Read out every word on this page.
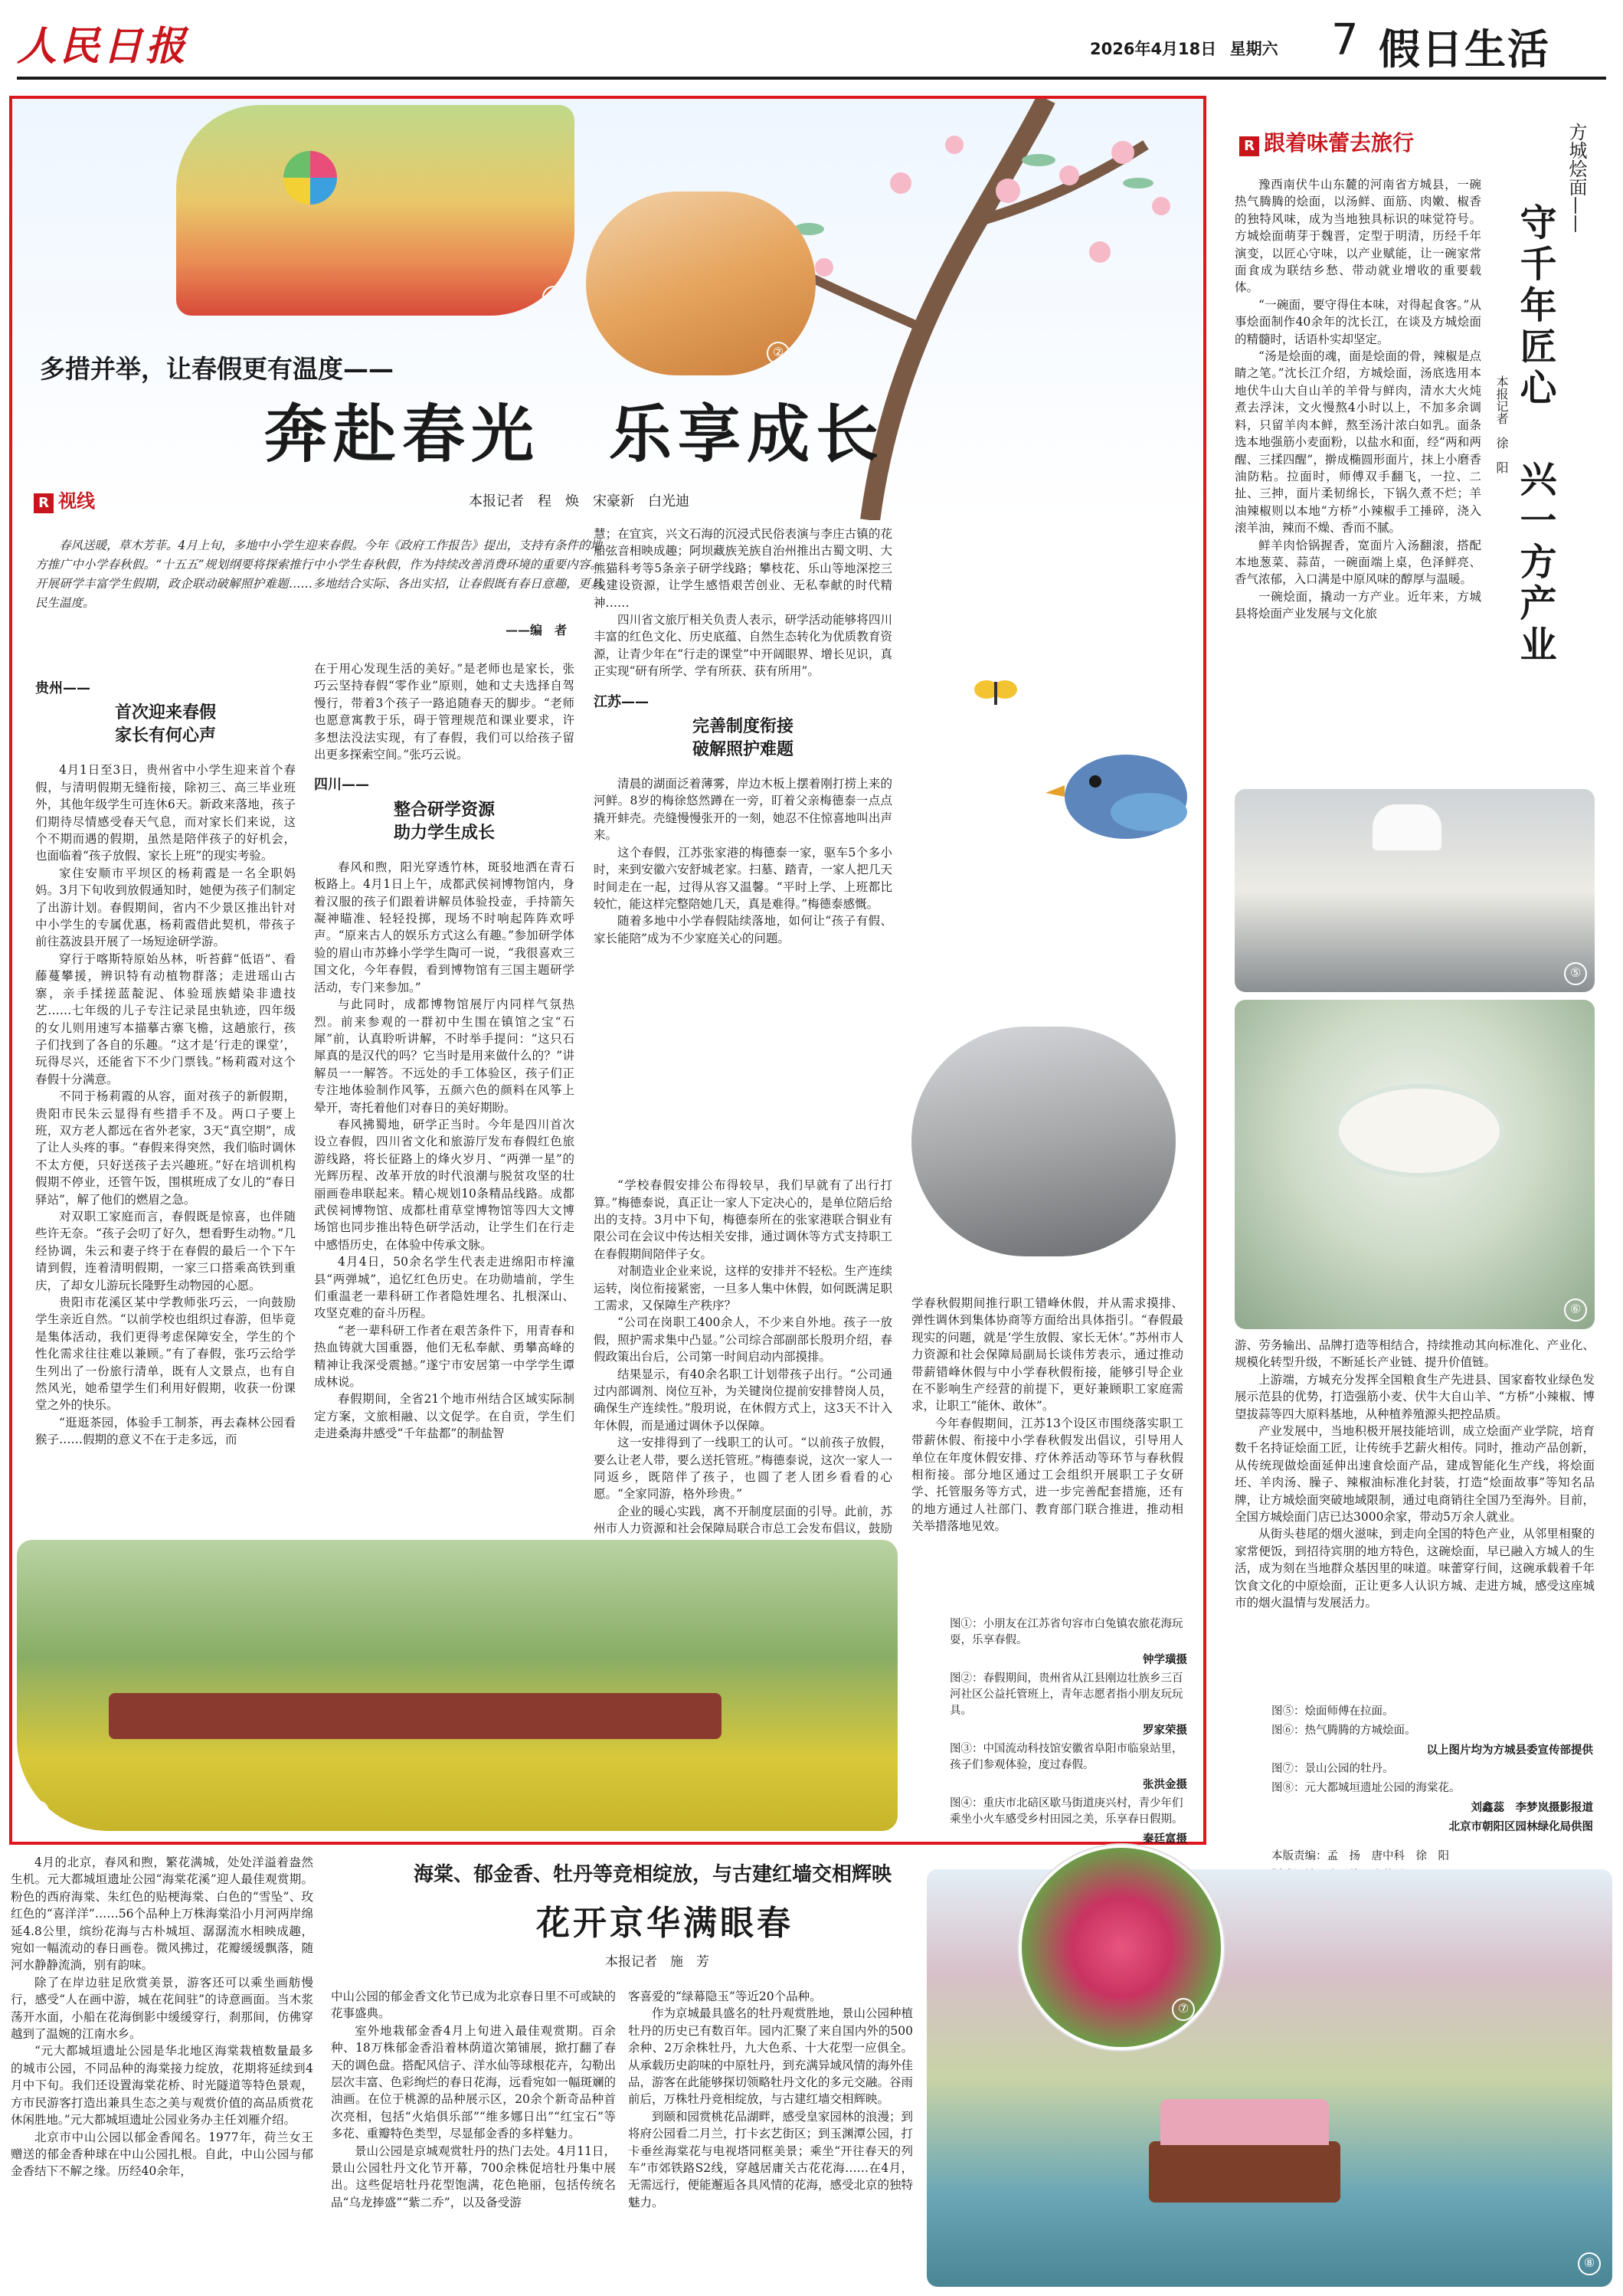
人民日报	2026年4月18日 星期六 7 假日生活
①
②
多措并举，让春假更有温度——
奔赴春光　乐享成长
本报记者　程　焕　宋豪新　白光迪
R 视线
春风送暖，草木芳菲。4月上旬，多地中小学生迎来春假。今年《政府工作报告》提出，支持有条件的地方推广中小学春秋假。“十五五”规划纲要将探索推行中小学生春秋假，作为持续改善消费环境的重要内容。开展研学丰富学生假期，政企联动破解照护难题……多地结合实际、各出实招，让春假既有春日意趣，更具民生温度。
——编　者
贵州——
首次迎来春假
家长有何心声

4月1日至3日，贵州省中小学生迎来首个春假，与清明假期无缝衔接，除初三、高三毕业班外，其他年级学生可连休6天。新政来落地，孩子们期待尽情感受春天气息，而对家长们来说，这个不期而遇的假期，虽然是陪伴孩子的好机会，也面临着“孩子放假、家长上班”的现实考验。

家住安顺市平坝区的杨莉霞是一名全职妈妈。3月下旬收到放假通知时，她便为孩子们制定了出游计划。春假期间，省内不少景区推出针对中小学生的专属优惠，杨莉霞借此契机，带孩子前往荔波县开展了一场短途研学游。

穿行于喀斯特原始丛林，听苔藓“低语”、看藤蔓攀援，辨识特有动植物群落；走进瑶山古寨，亲手揉搓蓝靛泥、体验瑶族蜡染非遗技艺……七年级的儿子专注记录昆虫轨迹，四年级的女儿则用速写本描摹古寨飞檐，这趟旅行，孩子们找到了各自的乐趣。“这才是‘行走的课堂’，玩得尽兴，还能省下不少门票钱。”杨莉霞对这个春假十分满意。

不同于杨莉霞的从容，面对孩子的新假期，贵阳市民朱云显得有些措手不及。两口子要上班，双方老人都远在省外老家，3天“真空期”，成了让人头疼的事。“春假来得突然，我们临时调休不太方便，只好送孩子去兴趣班。”好在培训机构假期不停业，还管午饭，围棋班成了女儿的“春日驿站”，解了他们的燃眉之急。

对双职工家庭而言，春假既是惊喜，也伴随些许无奈。“孩子会叨了好久，想看野生动物。”几经协调，朱云和妻子终于在春假的最后一个下午请到假，连着清明假期，一家三口搭乘高铁到重庆，了却女儿游玩长隆野生动物园的心愿。

贵阳市花溪区某中学教师张巧云，一向鼓励学生亲近自然。“以前学校也组织过春游，但毕竟是集体活动，我们更得考虑保障安全，学生的个性化需求往往难以兼顾。”有了春假，张巧云给学生列出了一份旅行清单，既有人文景点，也有自然风光，她希望学生们利用好假期，收获一份课堂之外的快乐。

“逛逛茶园，体验手工制茶，再去森林公园看猴子……假期的意义不在于走多远，而

在于用心发现生活的美好。”是老师也是家长，张巧云坚持春假“零作业”原则，她和丈夫选择自驾慢行，带着3个孩子一路追随春天的脚步。“老师也愿意寓教于乐，碍于管理规范和课业要求，许多想法没法实现，有了春假，我们可以给孩子留出更多探索空间。”张巧云说。

四川——
整合研学资源
助力学生成长

春风和煦，阳光穿透竹林，斑驳地洒在青石板路上。4月1日上午，成都武侯祠博物馆内，身着汉服的孩子们跟着讲解员体验投壶，手持箭矢凝神瞄准、轻轻投掷，现场不时响起阵阵欢呼声。“原来古人的娱乐方式这么有趣。”参加研学体验的眉山市苏蜂小学学生陶可一说，“我很喜欢三国文化，今年春假，看到博物馆有三国主题研学活动，专门来参加。”

与此同时，成都博物馆展厅内同样气氛热烈。前来参观的一群初中生围在镇馆之宝“石犀”前，认真聆听讲解，不时举手提问：“这只石犀真的是汉代的吗？它当时是用来做什么的？”讲解员一一解答。不远处的手工体验区，孩子们正专注地体验制作风筝，五颜六色的颜料在风筝上晕开，寄托着他们对春日的美好期盼。

春风拂蜀地，研学正当时。今年是四川首次设立春假，四川省文化和旅游厅发布春假红色旅游线路，将长征路上的烽火岁月、“两弹一星”的光辉历程、改革开放的时代浪潮与脱贫攻坚的壮丽画卷串联起来。精心规划10条精品线路。成都武侯祠博物馆、成都杜甫草堂博物馆等四大文博场馆也同步推出特色研学活动，让学生们在行走中感悟历史，在体验中传承文脉。

4月4日，50余名学生代表走进绵阳市梓潼县“两弹城”，追忆红色历史。在功勋墙前，学生们重温老一辈科研工作者隐姓埋名、扎根深山、攻坚克难的奋斗历程。

“老一辈科研工作者在艰苦条件下，用青春和热血铸就大国重器，他们无私奉献、勇攀高峰的精神让我深受震撼。”遂宁市安居第一中学学生谭成林说。

春假期间，全省21个地市州结合区域实际制定方案，文旅相融、以文促学。在自贡，学生们走进桑海井感受“千年盐都”的制盐智

慧；在宜宾，兴文石海的沉浸式民俗表演与李庄古镇的花船弦音相映成趣；阿坝藏族羌族自治州推出古蜀文明、大熊猫科考等5条亲子研学线路；攀枝花、乐山等地深挖三线建设资源，让学生感悟艰苦创业、无私奉献的时代精神……

四川省文旅厅相关负责人表示，研学活动能够将四川丰富的红色文化、历史底蕴、自然生态转化为优质教育资源，让青少年在“行走的课堂”中开阔眼界、增长见识，真正实现“研有所学、学有所获、获有所用”。

江苏——
完善制度衔接
破解照护难题

清晨的湖面泛着薄雾，岸边木板上摆着刚打捞上来的河鲜。8岁的梅徐悠然蹲在一旁，盯着父亲梅德泰一点点撬开蚌壳。壳缝慢慢张开的一刻，她忍不住惊喜地叫出声来。

这个春假，江苏张家港的梅德泰一家，驱车5个多小时，来到安徽六安舒城老家。扫墓、踏青，一家人把几天时间走在一起，过得从容又温馨。“平时上学、上班都比较忙，能这样完整陪她几天，真是难得。”梅德泰感慨。

随着多地中小学春假陆续落地，如何让“孩子有假、家长能陪”成为不少家庭关心的问题。

“学校春假安排公布得较早，我们早就有了出行打算。”梅德泰说，真正让一家人下定决心的，是单位陪后给出的支持。3月中下旬，梅德泰所在的张家港联合铜业有限公司在会议中传达相关安排，通过调休等方式支持职工在春假期间陪伴子女。

对制造业企业来说，这样的安排并不轻松。生产连续运转，岗位衔接紧密，一旦多人集中休假，如何既满足职工需求，又保障生产秩序？

“公司在岗职工400余人，不少来自外地。孩子一放假，照护需求集中凸显。”公司综合部副部长殷玥介绍，春假政策出台后，公司第一时间启动内部摸排。

结果显示，有40余名职工计划带孩子出行。“公司通过内部调剂、岗位互补，为关键岗位提前安排替岗人员，确保生产连续性。”殷玥说，在休假方式上，这3天不计入年休假，而是通过调休予以保障。

这一安排得到了一线职工的认可。“以前孩子放假，要么让老人带，要么送托管班。”梅德泰说，这次一家人一同返乡，既陪伴了孩子，也圆了老人团乡看看的心愿。“全家同游，格外珍贵。”

企业的暖心实践，离不开制度层面的引导。此前，苏州市人力资源和社会保障局联合市总工会发布倡议，鼓励

③

学春秋假期间推行职工错峰休假，并从需求摸排、弹性调休到集体协商等方面给出具体指引。“春假最现实的问题，就是‘学生放假、家长无休’。”苏州市人力资源和社会保障局副局长谈伟芳表示，通过推动带薪错峰休假与中小学春秋假衔接，能够引导企业在不影响生产经营的前提下，更好兼顾职工家庭需求，让职工“能休、敢休”。

今年春假期间，江苏13个设区市围绕落实职工带薪休假、衔接中小学春秋假发出倡议，引导用人单位在年度休假安排、疗休养活动等环节与春秋假相衔接。部分地区通过工会组织开展职工子女研学、托管服务等方式，进一步完善配套措施，还有的地方通过人社部门、教育部门联合推进，推动相关举措落地见效。

④

图①：小朋友在江苏省句容市白兔镇农旅花海玩耍，乐享春假。

钟学璜摄

图②：春假期间，贵州省从江县刚边壮族乡三百河社区公益托管班上，青年志愿者指小朋友玩玩具。

罗家荣摄

图③：中国流动科技馆安徽省阜阳市临泉站里，孩子们参观体验，度过春假。

张洪金摄

图④：重庆市北碚区歇马街道庚兴村，青少年们乘坐小火车感受乡村田园之美，乐享春日假期。

秦廷富摄

R 跟着味蕾去旅行	方城烩面——
守千年匠心
兴一方产业
本报记者　徐　阳

豫西南伏牛山东麓的河南省方城县，一碗热气腾腾的烩面，以汤鲜、面筋、肉嫩、椒香的独特风味，成为当地独具标识的味觉符号。方城烩面萌芽于魏晋，定型于明清，历经千年演变，以匠心守味，以产业赋能，让一碗家常面食成为联结乡愁、带动就业增收的重要载体。

“一碗面，要守得住本味，对得起食客。”从事烩面制作40余年的沈长江，在谈及方城烩面的精髓时，话语朴实却坚定。

“汤是烩面的魂，面是烩面的骨，辣椒是点睛之笔。”沈长江介绍，方城烩面，汤底选用本地伏牛山大自山羊的羊骨与鲜肉，清水大火炖煮去浮沫，文火慢熬4小时以上，不加多余调料，只留羊肉本鲜，熬至汤汁浓白如乳。面条选本地强筋小麦面粉，以盐水和面，经“两和两醒、三揉四醒”，擀成椭圆形面片，抹上小磨香油防粘。拉面时，师傅双手翻飞，一拉、二扯、三抻，面片柔韧绵长，下锅久煮不烂；羊油辣椒则以本地“方桥”小辣椒手工捶碎，浇入滚羊油，辣而不燥、香而不腻。

鲜羊肉恰锅握香，宽面片入汤翻滚，搭配本地葱菜、蒜苗，一碗面端上桌，色泽鲜亮、香气浓郁，入口满是中原风味的醇厚与温暖。

一碗烩面，撬动一方产业。近年来，方城县将烩面产业发展与文化旅

⑤
⑥

游、劳务输出、品牌打造等相结合，持续推动其向标准化、产业化、规模化转型升级，不断延长产业链、提升价值链。

上游端，方城充分发挥全国粮食生产先进县、国家畜牧业绿色发展示范县的优势，打造强筋小麦、伏牛大自山羊、“方桥”小辣椒、博望拔蒜等四大原料基地，从种植养殖源头把控品质。

产业发展中，当地积极开展技能培训，成立烩面产业学院，培育数千名持证烩面工匠，让传统手艺薪火相传。同时，推动产品创新，从传统现做烩面延伸出速食烩面产品，建成智能化生产线，将烩面坯、羊肉汤、臊子、辣椒油标准化封装，打造“烩面故事”等知名品牌，让方城烩面突破地域限制，通过电商销往全国乃至海外。目前，全国方城烩面门店已达3000余家，带动5万余人就业。

从街头巷尾的烟火滋味，到走向全国的特色产业，从邻里相聚的家常便饭，到招待宾朋的地方特色，这碗烩面，早已融入方城人的生活，成为刻在当地群众基因里的味道。味蕾穿行间，这碗承载着千年饮食文化的中原烩面，正让更多人认识方城、走进方城，感受这座城市的烟火温情与发展活力。

图⑤：烩面师傅在拉面。

图⑥：热气腾腾的方城烩面。

以上图片均为方城县委宣传部提供

图⑦：景山公园的牡丹。

图⑧：元大都城垣遗址公园的海棠花。

刘鑫蕊　李梦岚摄影报道

北京市朝阳区园林绿化局供图

本版责编：孟　扬　唐中科　徐　阳

海棠、郁金香、牡丹等竞相绽放，与古建红墙交相辉映
花开京华满眼春
本报记者　施　芳

4月的北京，春风和煦，繁花满城，处处洋溢着盎然生机。元大都城垣遗址公园“海棠花溪”迎人最佳观赏期。粉色的西府海棠、朱红色的贴梗海棠、白色的“雪坠”、玫红色的“喜洋洋”……56个品种上万株海棠沿小月河两岸绵延4.8公里，缤纷花海与古朴城垣、潺潺流水相映成趣，宛如一幅流动的春日画卷。微风拂过，花瓣缓缓飘落，随河水静静流淌，别有韵味。

除了在岸边驻足欣赏美景，游客还可以乘坐画舫慢行，感受“人在画中游，城在花间驻”的诗意画面。当木浆荡开水面，小船在花海倒影中缓缓穿行，刹那间，仿佛穿越到了温婉的江南水乡。

“元大都城垣遗址公园是华北地区海棠栽植数量最多的城市公园，不同品种的海棠接力绽放，花期将延续到4月中下旬。我们还设置海棠花桥、时光隧道等特色景观，方市民游客打造出兼具生态之美与观赏价值的高品质赏花休闲胜地。”元大都城垣遗址公园业务办主任刘雁介绍。

北京市中山公园以郁金香闻名。1977年，荷兰女王赠送的郁金香种球在中山公园扎根。自此，中山公园与郁金香结下不解之缘。历经40余年，

中山公园的郁金香文化节已成为北京春日里不可或缺的花事盛典。

室外地栽郁金香4月上旬进入最佳观赏期。百余种、18万株郁金香沿着林荫道次第铺展，掀打翻了春天的调色盘。搭配风信子、洋水仙等球根花卉，勾勒出层次丰富、色彩绚烂的春日花海，远看宛如一幅斑斓的油画。在位于桃源的品种展示区，20余个新奇品种首次亮相，包括“火焰俱乐部”“维多娜日出”“红宝石”等多花、重瓣特色类型，尽显郁金香的多样魅力。

景山公园是京城观赏牡丹的热门去处。4月11日，景山公园牡丹文化节开幕，700余株促培牡丹集中展出。这些促培牡丹花型饱满，花色艳丽，包括传统名品“乌龙捧盛”“紫二乔”，以及备受游

客喜爱的“绿幕隐玉”等近20个品种。

作为京城最具盛名的牡丹观赏胜地，景山公园种植牡丹的历史已有数百年。园内汇聚了来自国内外的500余种、2万余株牡丹，九大色系、十大花型一应俱全。从承载历史韵味的中原牡丹，到充满异域风情的海外佳品，游客在此能够探切领略牡丹文化的多元交融。谷雨前后，万株牡丹竞相绽放，与古建红墙交相辉映。

到颐和园赏桃花品湖畔，感受皇家园林的浪漫；到将府公园看二月兰，打卡玄艺街区；到玉渊潭公园，打卡垂丝海棠花与电视塔同框美景；乘坐“开往春天的列车”市郊铁路S2线，穿越居庸关古花花海……在4月，无需远行，便能邂逅各具风情的花海，感受北京的独特魅力。

⑦
⑧
